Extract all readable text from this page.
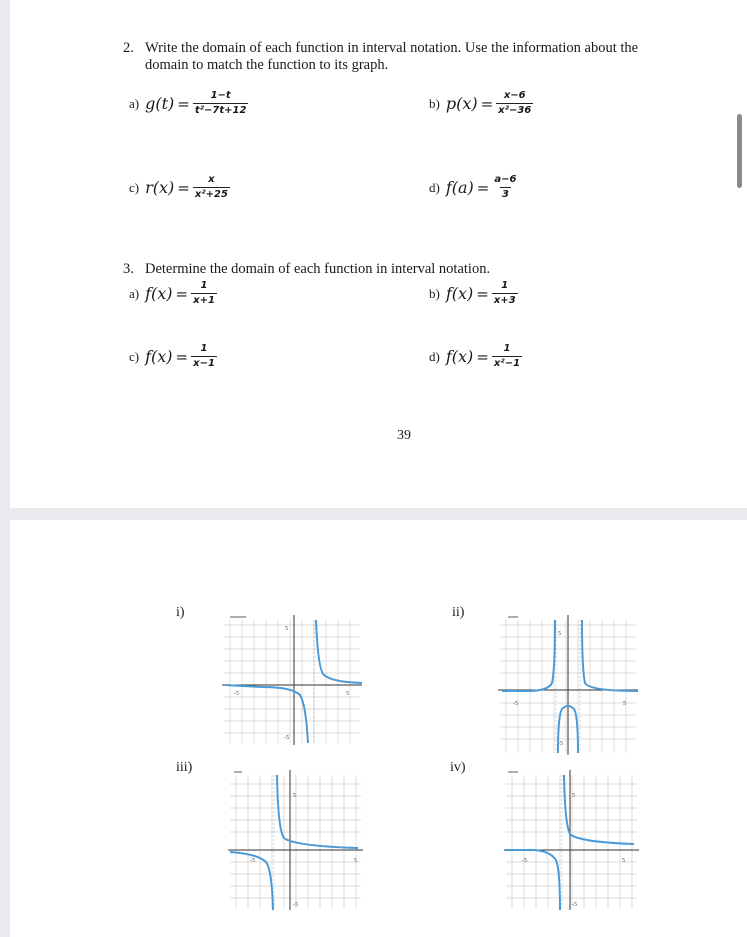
2. Write the domain of each function in interval notation. Use the information about the domain to match the function to its graph.
a) $g(t) = \frac{1-t}{\text{t²−7t+12}}$	b) $p(x) = \frac{x-6}{\text{x²−36}}$
c) $r(x) = \frac{x}{\text{x²+25}}$	d) $f(a) = \frac{a-6}{3}$
3. Determine the domain of each function in interval notation.
a) $f(x) = \frac{1}{x+1}$	b) $f(x) = \frac{1}{x+3}$
c) $f(x) = \frac{1}{x-1}$	d) $f(x) = \frac{1}{\text{x²−1}}$
39
i)	ii)
iii)	iv)
5
-5
-5	5
5
-5
-5	5
5
-5
-5	5
5
-5
-5	5
